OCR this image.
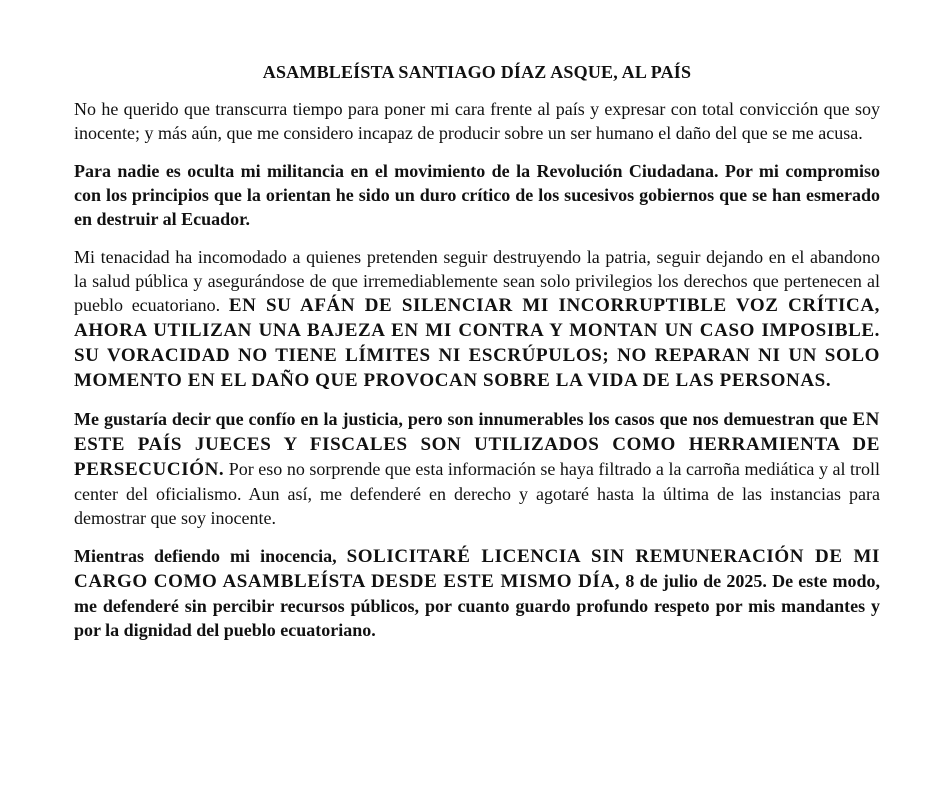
ASAMBLEÍSTA SANTIAGO DÍAZ ASQUE, AL PAÍS

No he querido que transcurra tiempo para poner mi cara frente al país y expresar con total convicción que soy inocente; y más aún, que me considero incapaz de producir sobre un ser humano el daño del que se me acusa.

Para nadie es oculta mi militancia en el movimiento de la Revolución Ciudadana. Por mi compromiso con los principios que la orientan he sido un duro crítico de los sucesivos gobiernos que se han esmerado en destruir al Ecuador.

Mi tenacidad ha incomodado a quienes pretenden seguir destruyendo la patria, seguir dejando en el abandono la salud pública y asegurándose de que irremediablemente sean solo privilegios los derechos que pertenecen al pueblo ecuatoriano. EN SU AFÁN DE SILENCIAR MI INCORRUPTIBLE VOZ CRÍTICA, AHORA UTILIZAN UNA BAJEZA EN MI CONTRA Y MONTAN UN CASO IMPOSIBLE. SU VORACIDAD NO TIENE LÍMITES NI ESCRÚPULOS; NO REPARAN NI UN SOLO MOMENTO EN EL DAÑO QUE PROVOCAN SOBRE LA VIDA DE LAS PERSONAS.

Me gustaría decir que confío en la justicia, pero son innumerables los casos que nos demuestran que EN ESTE PAÍS JUECES Y FISCALES SON UTILIZADOS COMO HERRAMIENTA DE PERSECUCIÓN. Por eso no sorprende que esta información se haya filtrado a la carroña mediática y al troll center del oficialismo. Aun así, me defenderé en derecho y agotaré hasta la última de las instancias para demostrar que soy inocente.

Mientras defiendo mi inocencia, SOLICITARÉ LICENCIA SIN REMUNERACIÓN DE MI CARGO COMO ASAMBLEÍSTA DESDE ESTE MISMO DÍA, 8 de julio de 2025. De este modo, me defenderé sin percibir recursos públicos, por cuanto guardo profundo respeto por mis mandantes y por la dignidad del pueblo ecuatoriano.
